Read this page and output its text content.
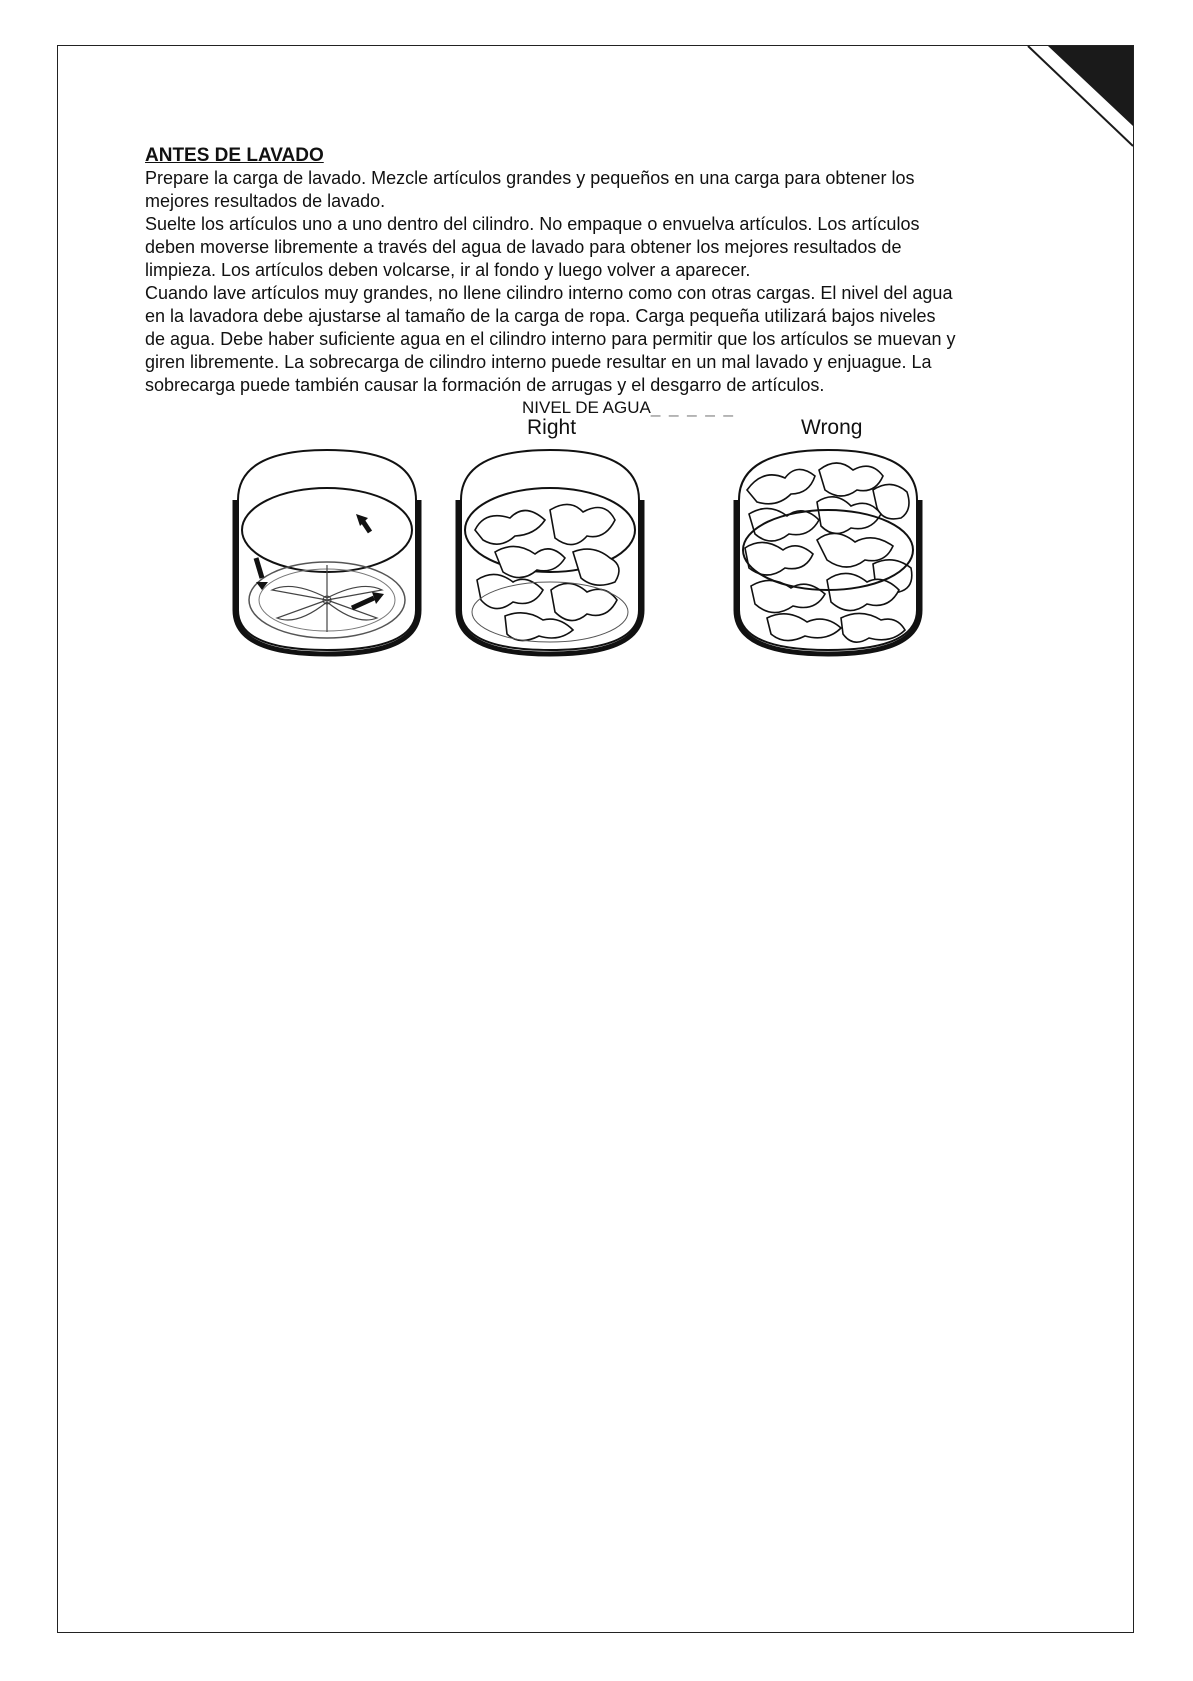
ANTES DE LAVADO

Prepare la carga de lavado. Mezcle artículos grandes y pequeños en una carga para obtener los
mejores resultados de lavado.

Suelte los artículos uno a uno dentro del cilindro. No empaque o envuelva artículos. Los artículos
deben moverse libremente a través del agua de lavado para obtener los mejores resultados de
limpieza. Los artículos deben volcarse, ir al fondo y luego volver a aparecer.

Cuando lave artículos muy grandes, no llene cilindro interno como con otras cargas. El nivel del agua
en la lavadora debe ajustarse al tamaño de la carga de ropa. Carga pequeña utilizará bajos niveles
de agua. Debe haber suficiente agua en el cilindro interno para permitir que los artículos se muevan y
giren libremente. La sobrecarga de cilindro interno puede resultar en un mal lavado y enjuague. La
sobrecarga puede también causar la formación de arrugas y el desgarro de artículos.

NIVEL DE AGUA_ _ _ _ _
Right	Wrong
